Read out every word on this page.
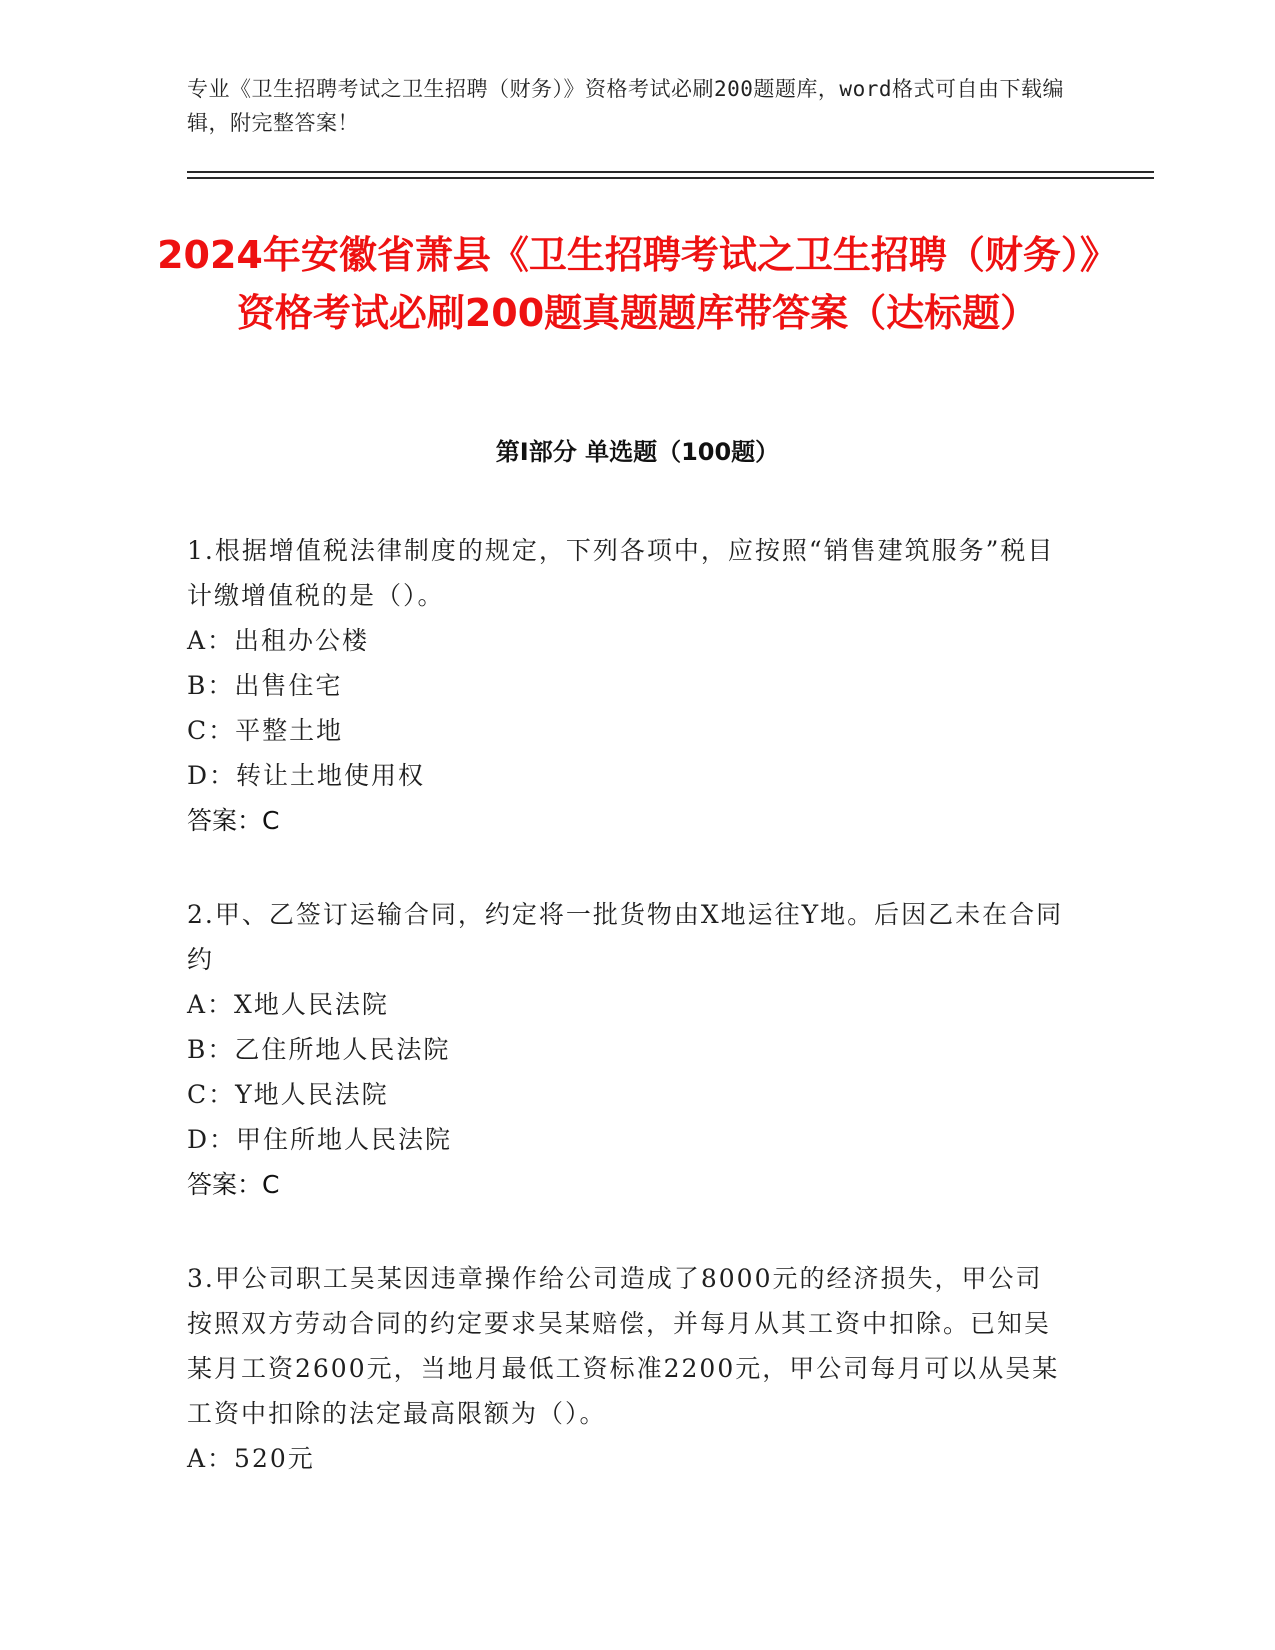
专业《卫生招聘考试之卫生招聘（财务）》资格考试必刷200题题库，word格式可自由下载编辑，附完整答案！
2024年安徽省萧县《卫生招聘考试之卫生招聘（财务）》资格考试必刷200题真题题库带答案（达标题）
第Ⅰ部分 单选题（100题）
1.根据增值税法律制度的规定，下列各项中，应按照“销售建筑服务”税目计缴增值税的是（）。
A：出租办公楼
B：出售住宅
C：平整土地
D：转让土地使用权
答案：C
2.甲、乙签订运输合同，约定将一批货物由X地运往Y地。后因乙未在合同约
A：X地人民法院
B：乙住所地人民法院
C：Y地人民法院
D：甲住所地人民法院
答案：C
3.甲公司职工吴某因违章操作给公司造成了8000元的经济损失，甲公司按照双方劳动合同的约定要求吴某赔偿，并每月从其工资中扣除。已知吴某月工资2600元，当地月最低工资标准2200元，甲公司每月可以从吴某工资中扣除的法定最高限额为（）。
A：520元
